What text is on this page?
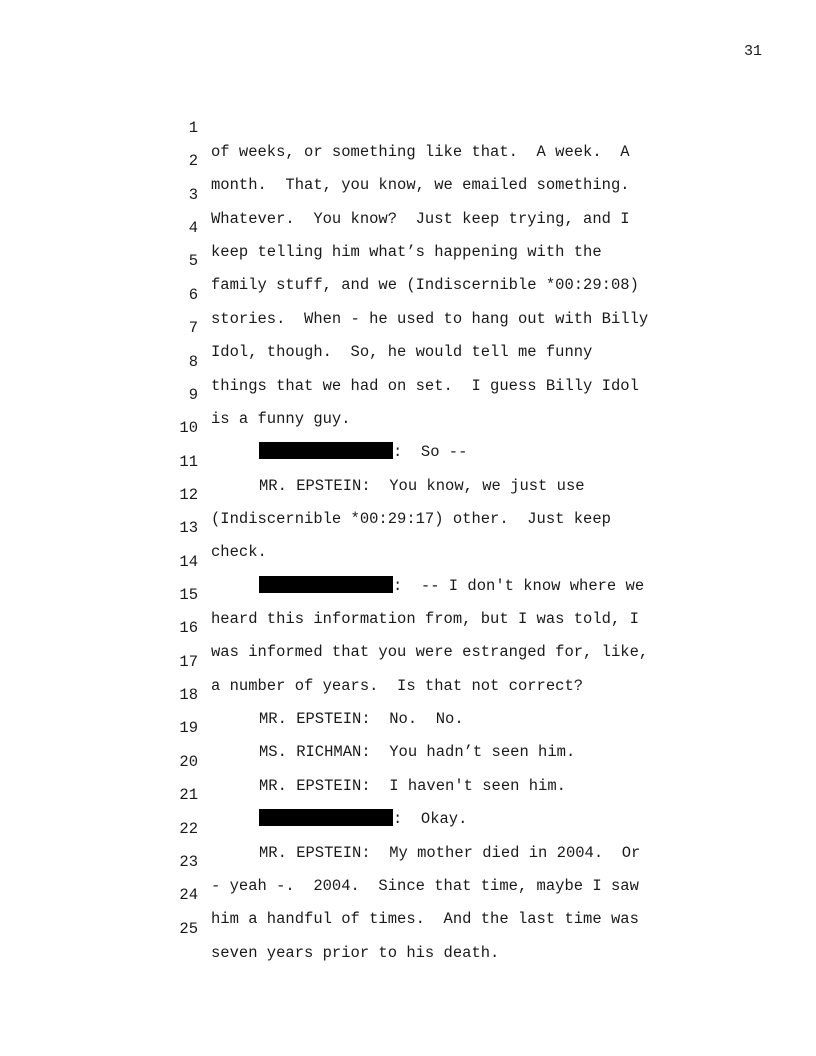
31

1

of weeks, or something like that.  A week.  A

2

month.  That, you know, we emailed something.

3

Whatever.  You know?  Just keep trying, and I

4

keep telling him what’s happening with the

5

family stuff, and we (Indiscernible *00:29:08)

6

stories.  When - he used to hang out with Billy

7

Idol, though.  So, he would tell me funny

8

things that we had on set.  I guess Billy Idol

9

is a funny guy.

10

:  So --

11

MR. EPSTEIN:  You know, we just use

12

(Indiscernible *00:29:17) other.  Just keep

13

check.

14

:  -- I don't know where we

15

heard this information from, but I was told, I

16

was informed that you were estranged for, like,

17

a number of years.  Is that not correct?

18

MR. EPSTEIN:  No.  No.

19

MS. RICHMAN:  You hadn’t seen him.

20

MR. EPSTEIN:  I haven't seen him.

21

:  Okay.

22

MR. EPSTEIN:  My mother died in 2004.  Or

23

- yeah -.  2004.  Since that time, maybe I saw

24

him a handful of times.  And the last time was

25

seven years prior to his death.
